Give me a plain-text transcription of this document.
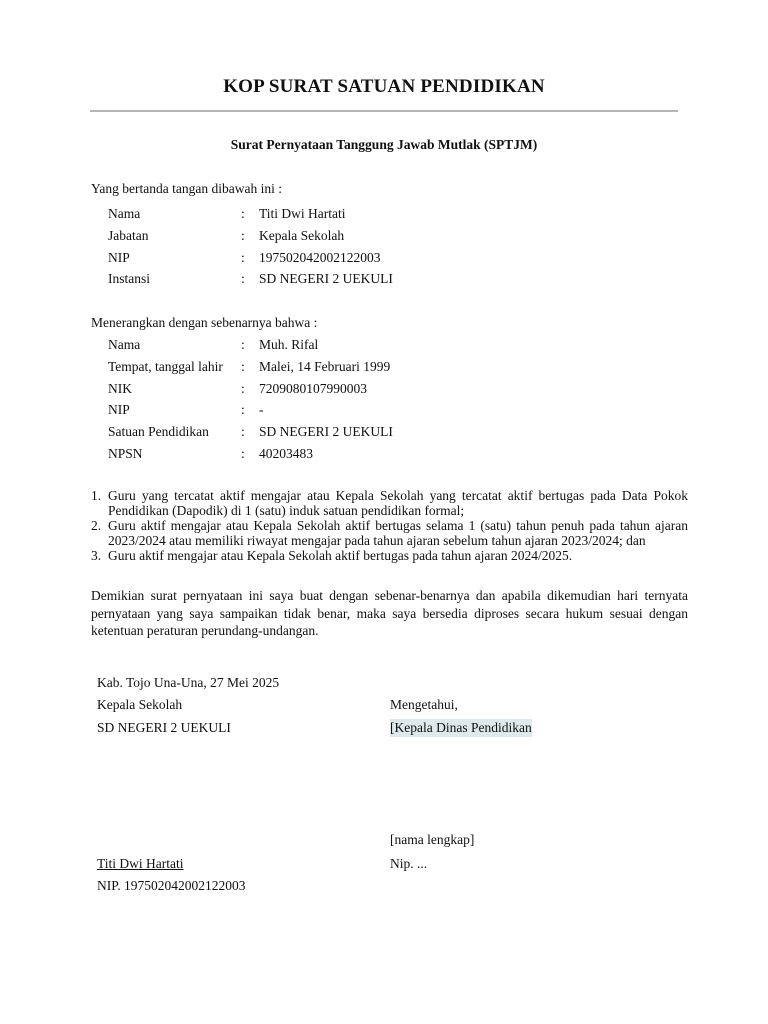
KOP SURAT SATUAN PENDIDIKAN
Surat Pernyataan Tanggung Jawab Mutlak (SPTJM)
Yang bertanda tangan dibawah ini :
Nama	: Titi Dwi Hartati
Jabatan	: Kepala Sekolah
NIP	: 197502042002122003
Instansi	: SD NEGERI 2 UEKULI
Menerangkan dengan sebenarnya bahwa :
Nama	: Muh. Rifal
Tempat, tanggal lahir : Malei, 14 Februari 1999
NIK	: 7209080107990003
NIP	: -
Satuan Pendidikan : SD NEGERI 2 UEKULI
NPSN	: 40203483
1. Guru yang tercatat aktif mengajar atau Kepala Sekolah yang tercatat aktif bertugas pada Data Pokok Pendidikan (Dapodik) di 1 (satu) induk satuan pendidikan formal;
2. Guru aktif mengajar atau Kepala Sekolah aktif bertugas selama 1 (satu) tahun penuh pada tahun ajaran 2023/2024 atau memiliki riwayat mengajar pada tahun ajaran sebelum tahun ajaran 2023/2024; dan
3. Guru aktif mengajar atau Kepala Sekolah aktif bertugas pada tahun ajaran 2024/2025.

Demikian surat pernyataan ini saya buat dengan sebenar-benarnya dan apabila dikemudian hari ternyata pernyataan yang saya sampaikan tidak benar, maka saya bersedia diproses secara hukum sesuai dengan ketentuan peraturan perundang-undangan.

Kab. Tojo Una-Una, 27 Mei 2025
Kepala Sekolah
SD NEGERI 2 UEKULI
Titi Dwi Hartati
NIP. 197502042002122003
Mengetahui,
[Kepala Dinas Pendidikan
[nama lengkap]
Nip. ...
